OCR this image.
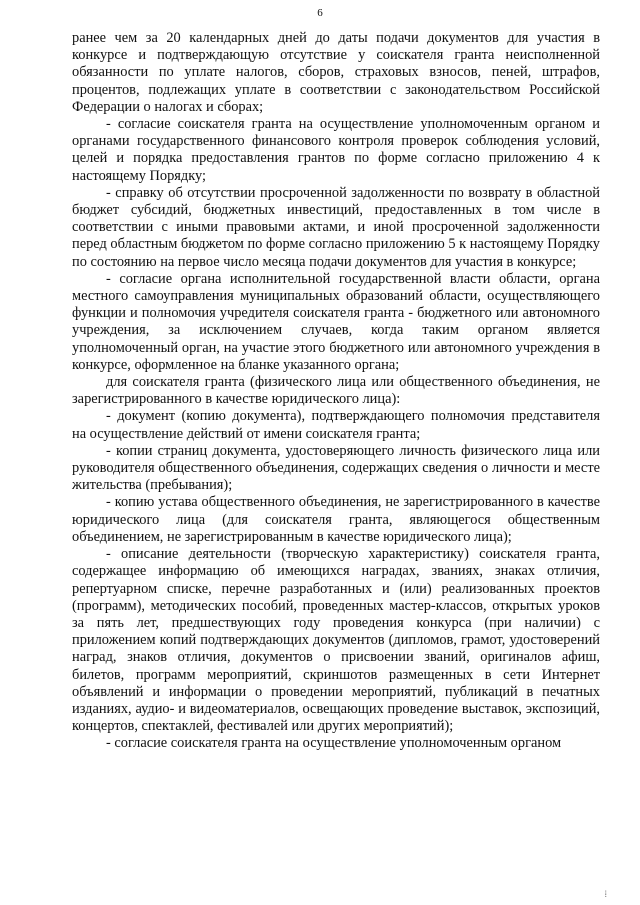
6

ранее чем за 20 календарных дней до даты подачи документов для участия в конкурсе и подтверждающую отсутствие у соискателя гранта неисполненной обязанности по уплате налогов, сборов, страховых взносов, пеней, штрафов, процентов, подлежащих уплате в соответствии с законодательством Российской Федерации о налогах и сборах;

- согласие соискателя гранта на осуществление уполномоченным органом и органами государственного финансового контроля проверок соблюдения условий, целей и порядка предоставления грантов по форме согласно приложению 4 к настоящему Порядку;

- справку об отсутствии просроченной задолженности по возврату в областной бюджет субсидий, бюджетных инвестиций, предоставленных в том числе в соответствии с иными правовыми актами, и иной просроченной задолженности перед областным бюджетом по форме согласно приложению 5 к настоящему Порядку по состоянию на первое число месяца подачи документов для участия в конкурсе;

- согласие органа исполнительной государственной власти области, органа местного самоуправления муниципальных образований области, осуществляющего функции и полномочия учредителя соискателя гранта - бюджетного или автономного учреждения, за исключением случаев, когда таким органом является уполномоченный орган, на участие этого бюджетного или автономного учреждения в конкурсе, оформленное на бланке указанного органа;

для соискателя гранта (физического лица или общественного объединения, не зарегистрированного в качестве юридического лица):

- документ (копию документа), подтверждающего полномочия представителя на осуществление действий от имени соискателя гранта;

- копии страниц документа, удостоверяющего личность физического лица или руководителя общественного объединения, содержащих сведения о личности и месте жительства (пребывания);

- копию устава общественного объединения, не зарегистрированного в качестве юридического лица (для соискателя гранта, являющегося общественным объединением, не зарегистрированным в качестве юридического лица);

- описание деятельности (творческую характеристику) соискателя гранта, содержащее информацию об имеющихся наградах, званиях, знаках отличия, репертуарном списке, перечне разработанных и (или) реализованных проектов (программ), методических пособий, проведенных мастер-классов, открытых уроков за пять лет, предшествующих году проведения конкурса (при наличии) с приложением копий подтверждающих документов (дипломов, грамот, удостоверений наград, знаков отличия, документов о присвоении званий, оригиналов афиш, билетов, программ мероприятий, скриншотов размещенных в сети Интернет объявлений и информации о проведении мероприятий, публикаций в печатных изданиях, аудио- и видеоматериалов, освещающих проведение выставок, экспозиций, концертов, спектаклей, фестивалей или других мероприятий);

- согласие соискателя гранта на осуществление уполномоченным органом

⁞
